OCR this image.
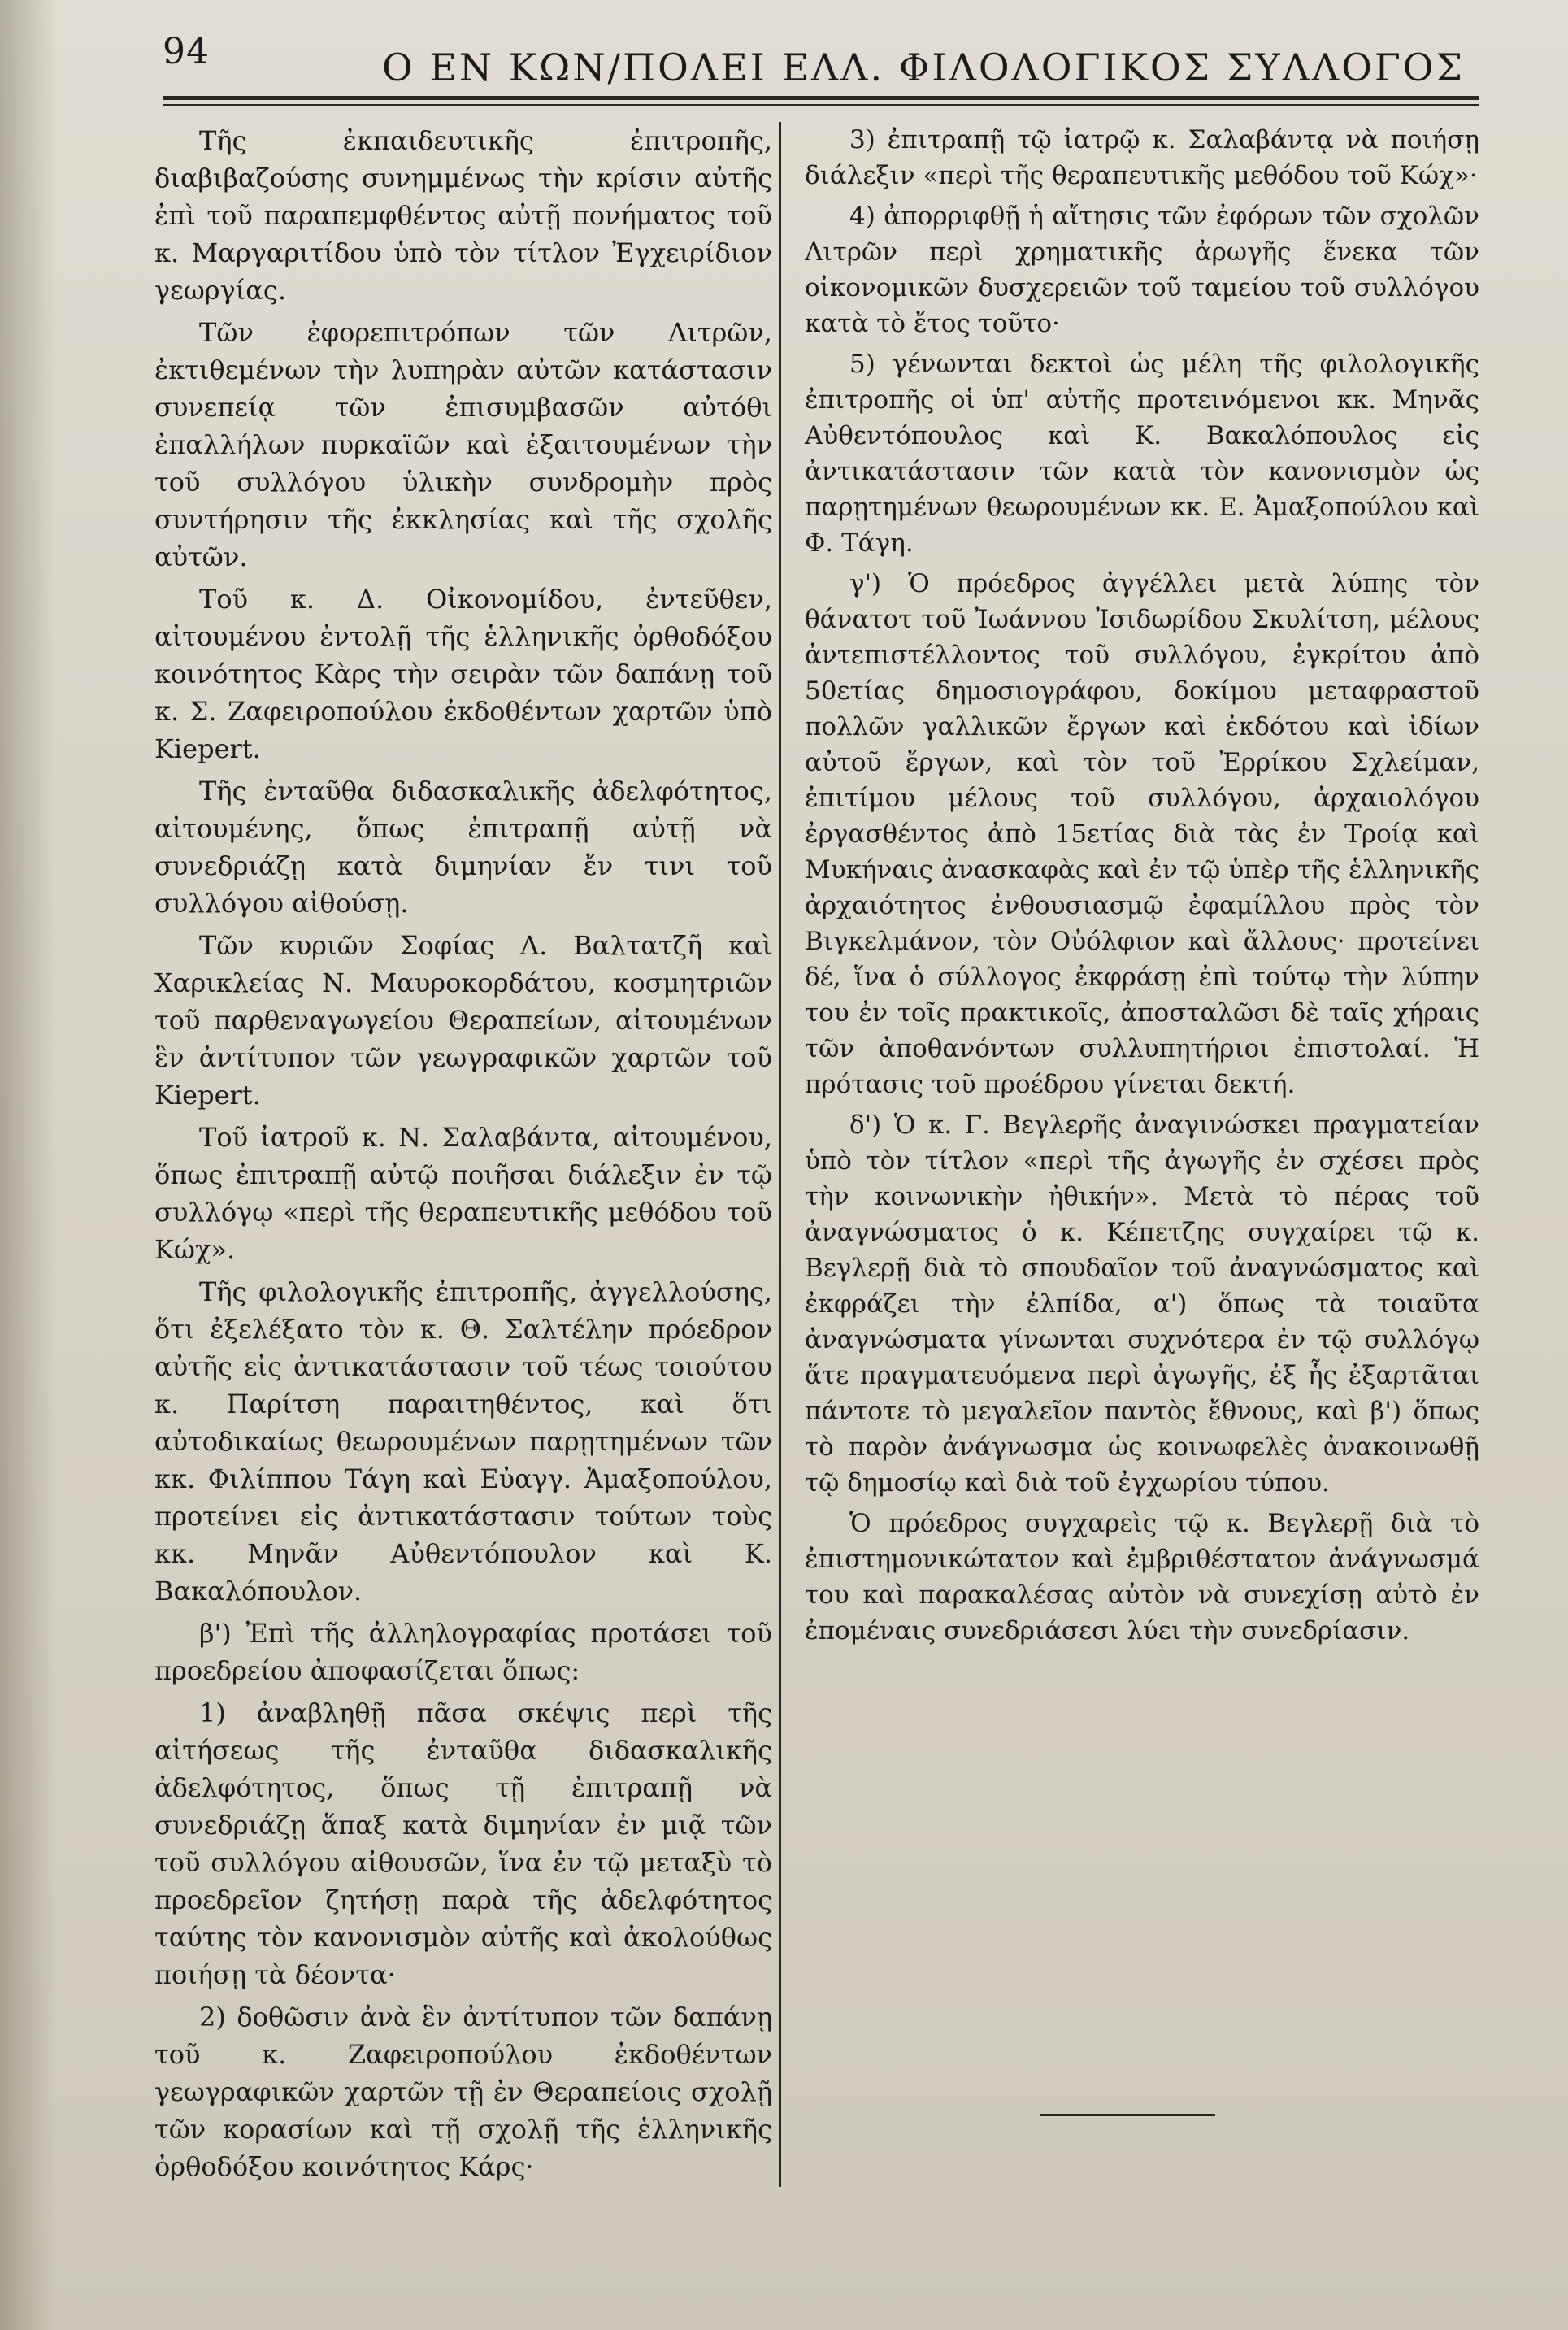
94	Ο ΕΝ ΚΩΝ/ΠΟΛΕΙ ΕΛΛ. ΦΙΛΟΛΟΓΙΚΟΣ ΣΥΛΛΟΓΟΣ

Τῆς ἐκπαιδευτικῆς ἐπιτροπῆς, διαβιβαζούσης συνημμένως τὴν κρίσιν αὐτῆς ἐπὶ τοῦ παραπεμφθέντος αὐτῇ πονήματος τοῦ κ. Μαργαριτίδου ὑπὸ τὸν τίτλον Ἐγχειρίδιον γεωργίας.

Τῶν ἐφορεπιτρόπων τῶν Λιτρῶν, ἐκτιθεμένων τὴν λυπηρὰν αὐτῶν κατάστασιν συνεπείᾳ τῶν ἐπισυμβασῶν αὐτόθι ἐπαλλήλων πυρκαϊῶν καὶ ἐξαιτουμένων τὴν τοῦ συλλόγου ὑλικὴν συνδρομὴν πρὸς συντήρησιν τῆς ἐκκλησίας καὶ τῆς σχολῆς αὐτῶν.

Τοῦ κ. Δ. Οἰκονομίδου, ἐντεῦθεν, αἰτουμένου ἐντολῇ τῆς ἑλληνικῆς ὀρθοδόξου κοινότητος Κὰρς τὴν σειρὰν τῶν δαπάνῃ τοῦ κ. Σ. Ζαφειροπούλου ἐκδοθέντων χαρτῶν ὑπὸ Kiepert.

Τῆς ἐνταῦθα διδασκαλικῆς ἀδελφότητος, αἰτουμένης, ὅπως ἐπιτραπῇ αὐτῇ νὰ συνεδριάζῃ κατὰ διμηνίαν ἔν τινι τοῦ συλλόγου αἰθούσῃ.

Τῶν κυριῶν Σοφίας Λ. Βαλτατζῆ καὶ Χαρικλείας Ν. Μαυροκορδάτου, κοσμητριῶν τοῦ παρθεναγωγείου Θεραπείων, αἰτουμένων ἓν ἀντίτυπον τῶν γεωγραφικῶν χαρτῶν τοῦ Kiepert.

Τοῦ ἰατροῦ κ. Ν. Σαλαβάντα, αἰτουμένου, ὅπως ἐπιτραπῇ αὐτῷ ποιῆσαι διάλεξιν ἐν τῷ συλλόγῳ «περὶ τῆς θεραπευτικῆς μεθόδου τοῦ Κώχ».

Τῆς φιλολογικῆς ἐπιτροπῆς, ἀγγελλούσης, ὅτι ἐξελέξατο τὸν κ. Θ. Σαλτέλην πρόεδρον αὐτῆς εἰς ἀντικατάστασιν τοῦ τέως τοιούτου κ. Παρίτση παραιτηθέντος, καὶ ὅτι αὐτοδικαίως θεωρουμένων παρῃτημένων τῶν κκ. Φιλίππου Τάγη καὶ Εὐαγγ. Ἀμαξοπούλου, προτείνει εἰς ἀντικατάστασιν τούτων τοὺς κκ. Μηνᾶν Αὐθεντόπουλον καὶ Κ. Βακαλόπουλον.

β') Ἐπὶ τῆς ἀλληλογραφίας προτάσει τοῦ προεδρείου ἀποφασίζεται ὅπως:

1) ἀναβληθῇ πᾶσα σκέψις περὶ τῆς αἰτήσεως τῆς ἐνταῦθα διδασκαλικῆς ἀδελφότητος, ὅπως τῇ ἐπιτραπῇ νὰ συνεδριάζῃ ἅπαξ κατὰ διμηνίαν ἐν μιᾷ τῶν τοῦ συλλόγου αἰθουσῶν, ἵνα ἐν τῷ μεταξὺ τὸ προεδρεῖον ζητήσῃ παρὰ τῆς ἀδελφότητος ταύτης τὸν κανονισμὸν αὐτῆς καὶ ἀκολούθως ποιήσῃ τὰ δέοντα·

2) δοθῶσιν ἀνὰ ἓν ἀντίτυπον τῶν δαπάνῃ τοῦ κ. Ζαφειροπούλου ἐκδοθέντων γεωγραφικῶν χαρτῶν τῇ ἐν Θεραπείοις σχολῇ τῶν κορασίων καὶ τῇ σχολῇ τῆς ἑλληνικῆς ὀρθοδόξου κοινότητος Κάρς·

3) ἐπιτραπῇ τῷ ἰατρῷ κ. Σαλαβάντᾳ νὰ ποιήσῃ διάλεξιν «περὶ τῆς θεραπευτικῆς μεθόδου τοῦ Κώχ»·

4) ἀπορριφθῇ ἡ αἴτησις τῶν ἐφόρων τῶν σχολῶν Λιτρῶν περὶ χρηματικῆς ἀρωγῆς ἕνεκα τῶν οἰκονομικῶν δυσχερειῶν τοῦ ταμείου τοῦ συλλόγου κατὰ τὸ ἔτος τοῦτο·

5) γένωνται δεκτοὶ ὡς μέλη τῆς φιλολογικῆς ἐπιτροπῆς οἱ ὑπ' αὐτῆς προτεινόμενοι κκ. Μηνᾶς Αὐθεντόπουλος καὶ Κ. Βακαλόπουλος εἰς ἀντικατάστασιν τῶν κατὰ τὸν κανονισμὸν ὡς παρῃτημένων θεωρουμένων κκ. Ε. Ἀμαξοπούλου καὶ Φ. Τάγη.

γ') Ὁ πρόεδρος ἀγγέλλει μετὰ λύπης τὸν θάνατοτ τοῦ Ἰωάννου Ἰσιδωρίδου Σκυλίτση, μέλους ἀντεπιστέλλοντος τοῦ συλλόγου, ἐγκρίτου ἀπὸ 50ετίας δημοσιογράφου, δοκίμου μεταφραστοῦ πολλῶν γαλλικῶν ἔργων καὶ ἐκδότου καὶ ἰδίων αὐτοῦ ἔργων, καὶ τὸν τοῦ Ἐρρίκου Σχλείμαν, ἐπιτίμου μέλους τοῦ συλλόγου, ἀρχαιολόγου ἐργασθέντος ἀπὸ 15ετίας διὰ τὰς ἐν Τροίᾳ καὶ Μυκήναις ἀνασκαφὰς καὶ ἐν τῷ ὑπὲρ τῆς ἑλληνικῆς ἀρχαιότητος ἐνθουσιασμῷ ἐφαμίλλου πρὸς τὸν Βιγκελμάνον, τὸν Οὐόλφιον καὶ ἄλλους· προτείνει δέ, ἵνα ὁ σύλλογος ἐκφράσῃ ἐπὶ τούτῳ τὴν λύπην του ἐν τοῖς πρακτικοῖς, ἀποσταλῶσι δὲ ταῖς χήραις τῶν ἀποθανόντων συλλυπητήριοι ἐπιστολαί. Ἡ πρότασις τοῦ προέδρου γίνεται δεκτή.

δ') Ὁ κ. Γ. Βεγλερῆς ἀναγινώσκει πραγματείαν ὑπὸ τὸν τίτλον «περὶ τῆς ἀγωγῆς ἐν σχέσει πρὸς τὴν κοινωνικὴν ἠθικήν». Μετὰ τὸ πέρας τοῦ ἀναγνώσματος ὁ κ. Κέπετζης συγχαίρει τῷ κ. Βεγλερῇ διὰ τὸ σπουδαῖον τοῦ ἀναγνώσματος καὶ ἐκφράζει τὴν ἐλπίδα, α') ὅπως τὰ τοιαῦτα ἀναγνώσματα γίνωνται συχνότερα ἐν τῷ συλλόγῳ ἅτε πραγματευόμενα περὶ ἀγωγῆς, ἐξ ἧς ἐξαρτᾶται πάντοτε τὸ μεγαλεῖον παντὸς ἔθνους, καὶ β') ὅπως τὸ παρὸν ἀνάγνωσμα ὡς κοινωφελὲς ἀνακοινωθῇ τῷ δημοσίῳ καὶ διὰ τοῦ ἐγχωρίου τύπου.

Ὁ πρόεδρος συγχαρεὶς τῷ κ. Βεγλερῇ διὰ τὸ ἐπιστημονικώτατον καὶ ἐμβριθέστατον ἀνάγνωσμά του καὶ παρακαλέσας αὐτὸν νὰ συνεχίσῃ αὐτὸ ἐν ἐπομέναις συνεδριάσεσι λύει τὴν συνεδρίασιν.
